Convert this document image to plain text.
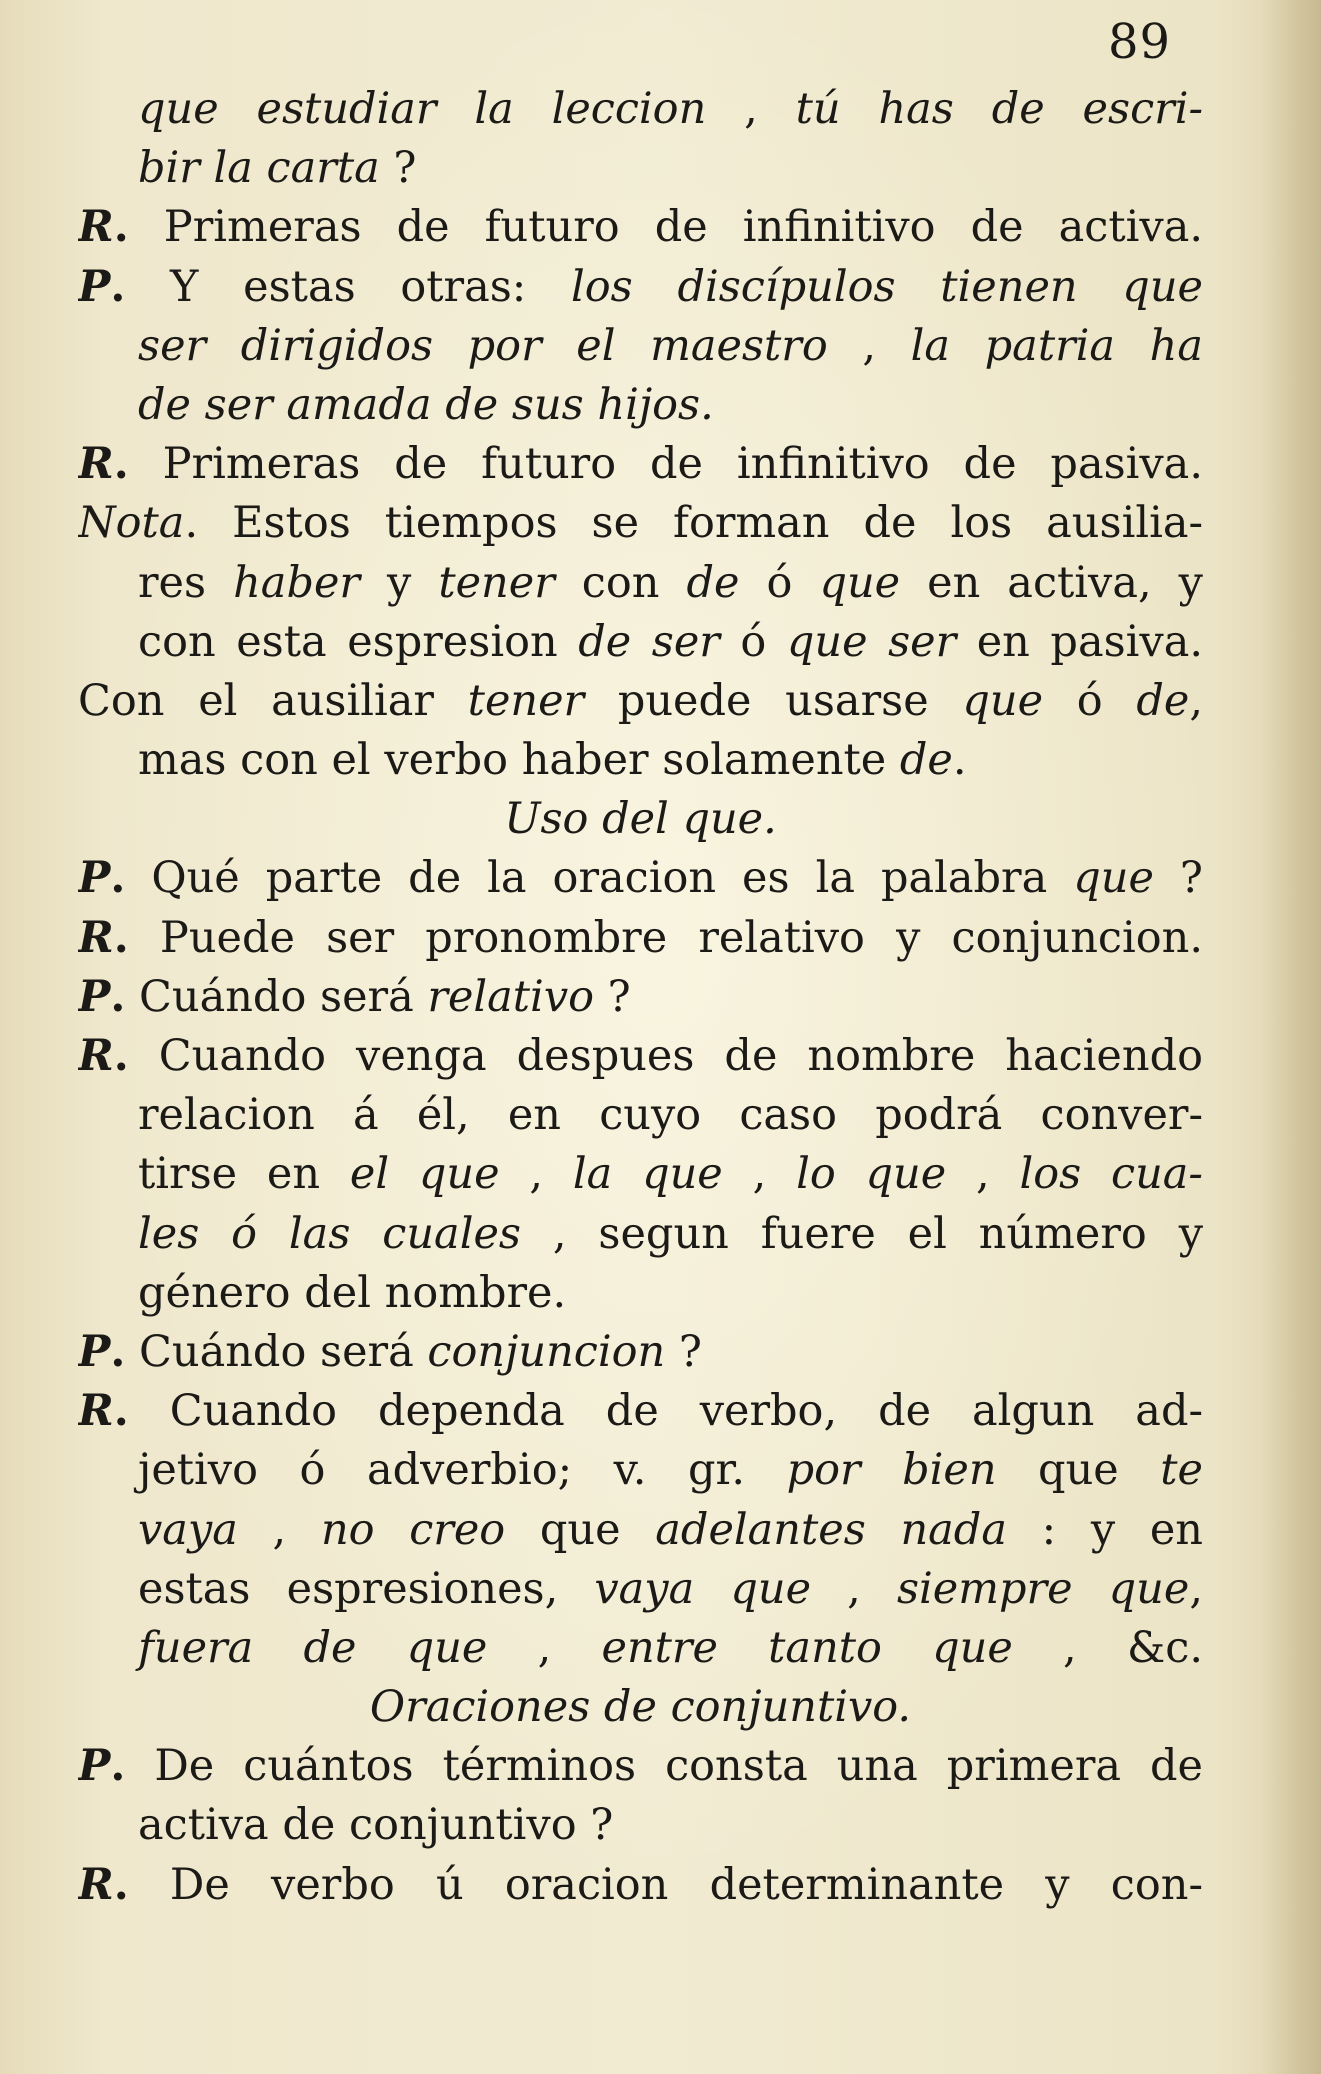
89
que estudiar la leccion , tú has de escri-
bir la carta ?
R. Primeras de futuro de infinitivo de activa.
P. Y estas otras: los discípulos tienen que
ser dirigidos por el maestro , la patria ha
de ser amada de sus hijos.
R. Primeras de futuro de infinitivo de pasiva.
Nota. Estos tiempos se forman de los ausilia-
res haber y tener con de ó que en activa, y
con esta espresion de ser ó que ser en pasiva.
Con el ausiliar tener puede usarse que ó de,
mas con el verbo haber solamente de.
Uso del que.
P. Qué parte de la oracion es la palabra que ?
R. Puede ser pronombre relativo y conjuncion.
P. Cuándo será relativo ?
R. Cuando venga despues de nombre haciendo
relacion á él, en cuyo caso podrá conver-
tirse en el que , la que , lo que , los cua-
les ó las cuales , segun fuere el número y
género del nombre.
P. Cuándo será conjuncion ?
R. Cuando dependa de verbo, de algun ad-
jetivo ó adverbio; v. gr. por bien que te
vaya , no creo que adelantes nada : y en
estas espresiones, vaya que , siempre que,
fuera de que , entre tanto que , &c.
Oraciones de conjuntivo.
P. De cuántos términos consta una primera de
activa de conjuntivo ?
R. De verbo ú oracion determinante y con-
